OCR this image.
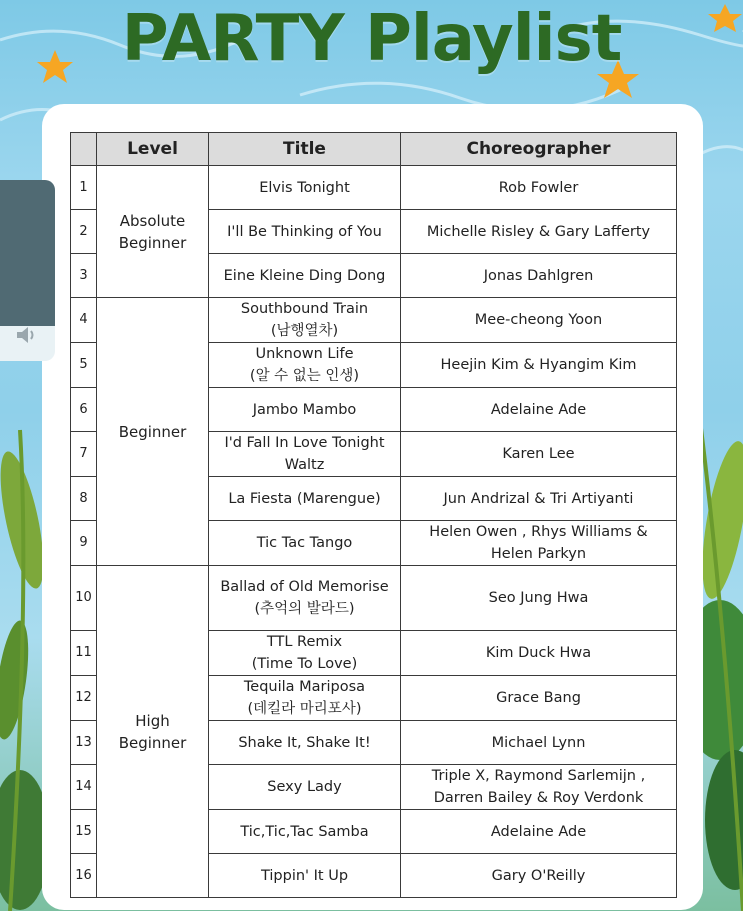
PARTY Playlist
	Level	Title	Choreographer
1	Absolute Beginner	Elvis Tonight	Rob Fowler
2		I'll Be Thinking of You	Michelle Risley & Gary Lafferty
3		Eine Kleine Ding Dong	Jonas Dahlgren
4	Beginner	Southbound Train
(남행열차)	Mee-cheong Yoon
5		Unknown Life
(알 수 없는 인생)	Heejin Kim & Hyangim Kim
6		Jambo Mambo	Adelaine Ade
7		I'd Fall In Love Tonight
Waltz	Karen Lee
8		La Fiesta (Marengue)	Jun Andrizal & Tri Artiyanti
9		Tic Tac Tango	Helen Owen , Rhys Williams &
Helen Parkyn
10	High Beginner	Ballad of Old Memorise
(추억의 발라드)	Seo Jung Hwa
11		TTL Remix
(Time To Love)	Kim Duck Hwa
12		Tequila Mariposa
(데킬라 마리포사)	Grace Bang
13		Shake It, Shake It!	Michael Lynn
14		Sexy Lady	Triple X, Raymond Sarlemijn ,
Darren Bailey & Roy Verdonk
15		Tic,Tic,Tac Samba	Adelaine Ade
16		Tippin' It Up	Gary O'Reilly
